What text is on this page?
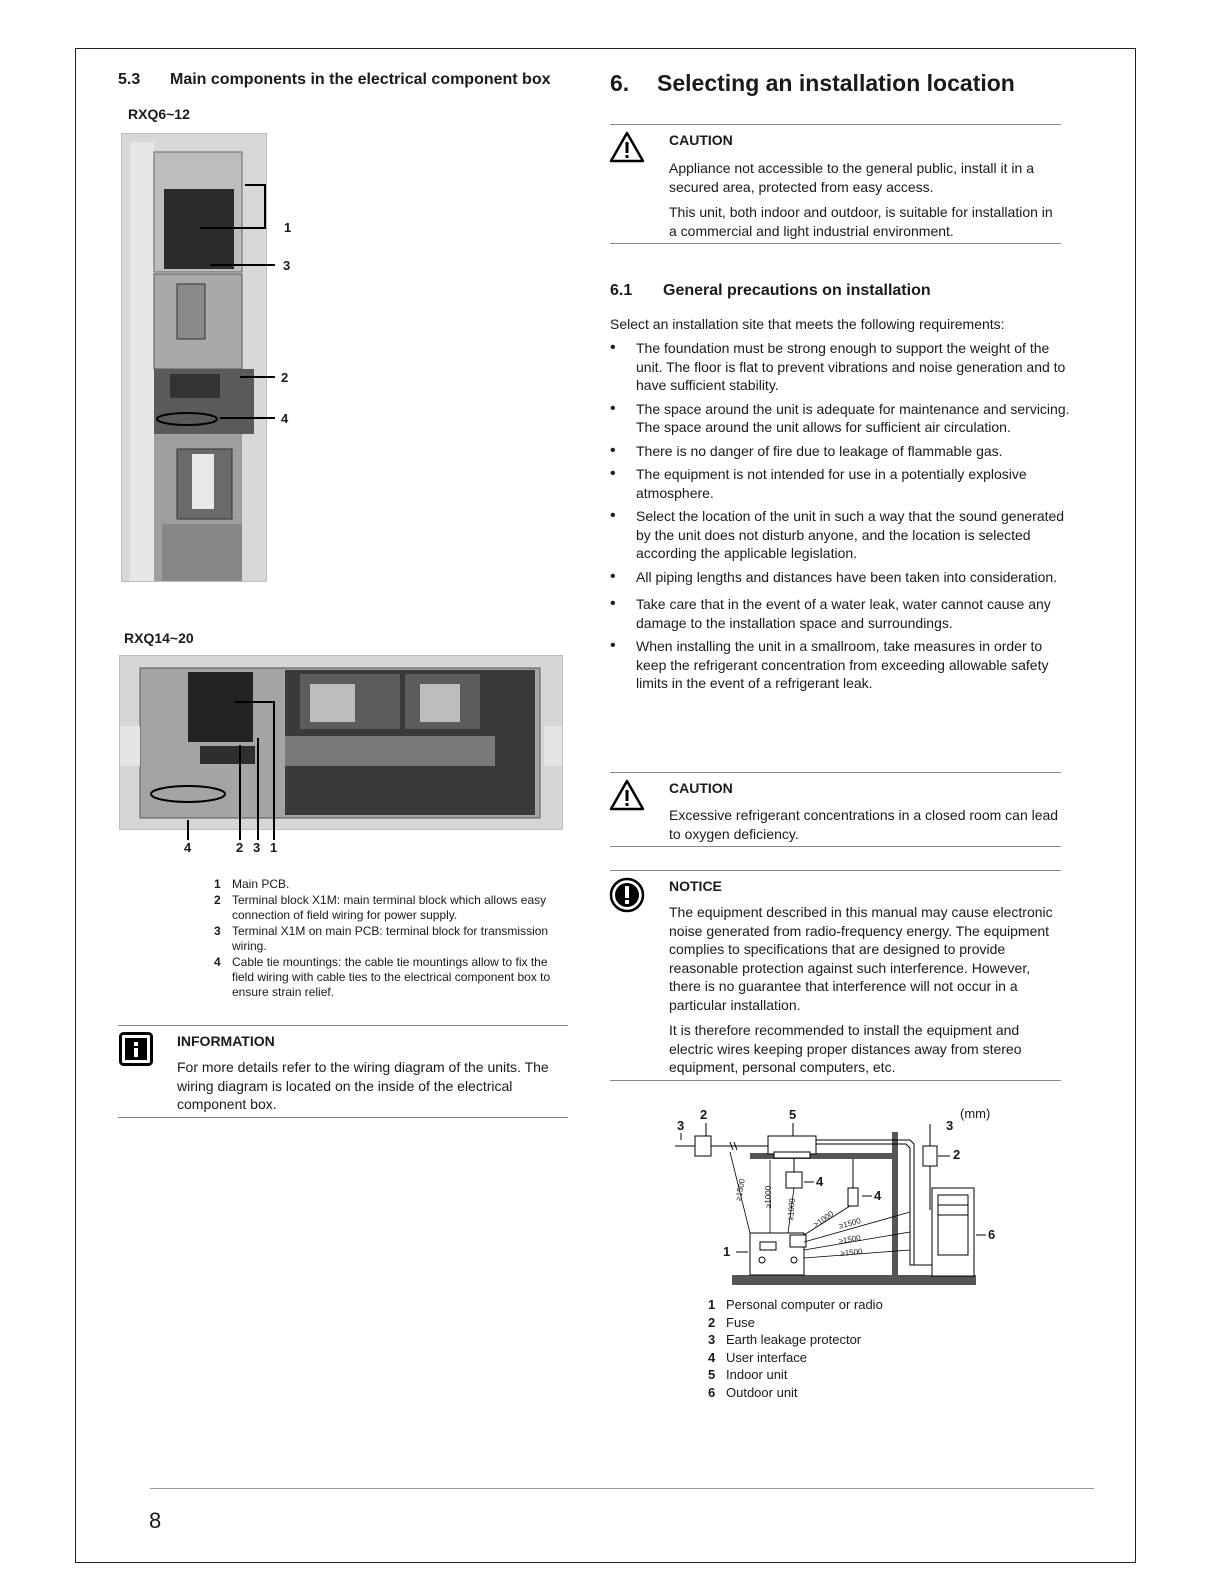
5.3 Main components in the electrical component box
RXQ6~12
1
3
2
4
RXQ14~20
4	2 3 1
1 Main PCB.
2 Terminal block X1M: main terminal block which allows easy connection of field wiring for power supply.
3 Terminal X1M on main PCB: terminal block for transmission wiring.
4 Cable tie mountings: the cable tie mountings allow to fix the field wiring with cable ties to the electrical component box to ensure strain relief.
INFORMATION
For more details refer to the wiring diagram of the units. The wiring diagram is located on the inside of the electrical component box.
6. Selecting an installation location
CAUTION
Appliance not accessible to the general public, install it in a secured area, protected from easy access.
This unit, both indoor and outdoor, is suitable for installation in a commercial and light industrial environment.
6.1 General precautions on installation
Select an installation site that meets the following requirements:
• The foundation must be strong enough to support the weight of the unit. The floor is flat to prevent vibrations and noise generation and to have sufficient stability.
• The space around the unit is adequate for maintenance and servicing. The space around the unit allows for sufficient air circulation.
• There is no danger of fire due to leakage of flammable gas.
• The equipment is not intended for use in a potentially explosive atmosphere.
• Select the location of the unit in such a way that the sound generated by the unit does not disturb anyone, and the location is selected according the applicable legislation.
• All piping lengths and distances have been taken into consideration.
• Take care that in the event of a water leak, water cannot cause any damage to the installation space and surroundings.
• When installing the unit in a smallroom, take measures in order to keep the refrigerant concentration from exceeding allowable safety limits in the event of a refrigerant leak.
CAUTION
Excessive refrigerant concentrations in a closed room can lead to oxygen deficiency.
NOTICE
The equipment described in this manual may cause electronic noise generated from radio-frequency energy. The equipment complies to specifications that are designed to provide reasonable protection against such interference. However, there is no guarantee that interference will not occur in a particular installation.
It is therefore recommended to install the equipment and electric wires keeping proper distances away from stereo equipment, personal computers, etc.
3
2	5
3
2
4
4
1
6
(mm)
≥1500 ≥1000
≥1000 ≥1000 ≥1500
≥1500
≥1500
1 Personal computer or radio
2 Fuse
3 Earth leakage protector
4 User interface
5 Indoor unit
6 Outdoor unit
8
